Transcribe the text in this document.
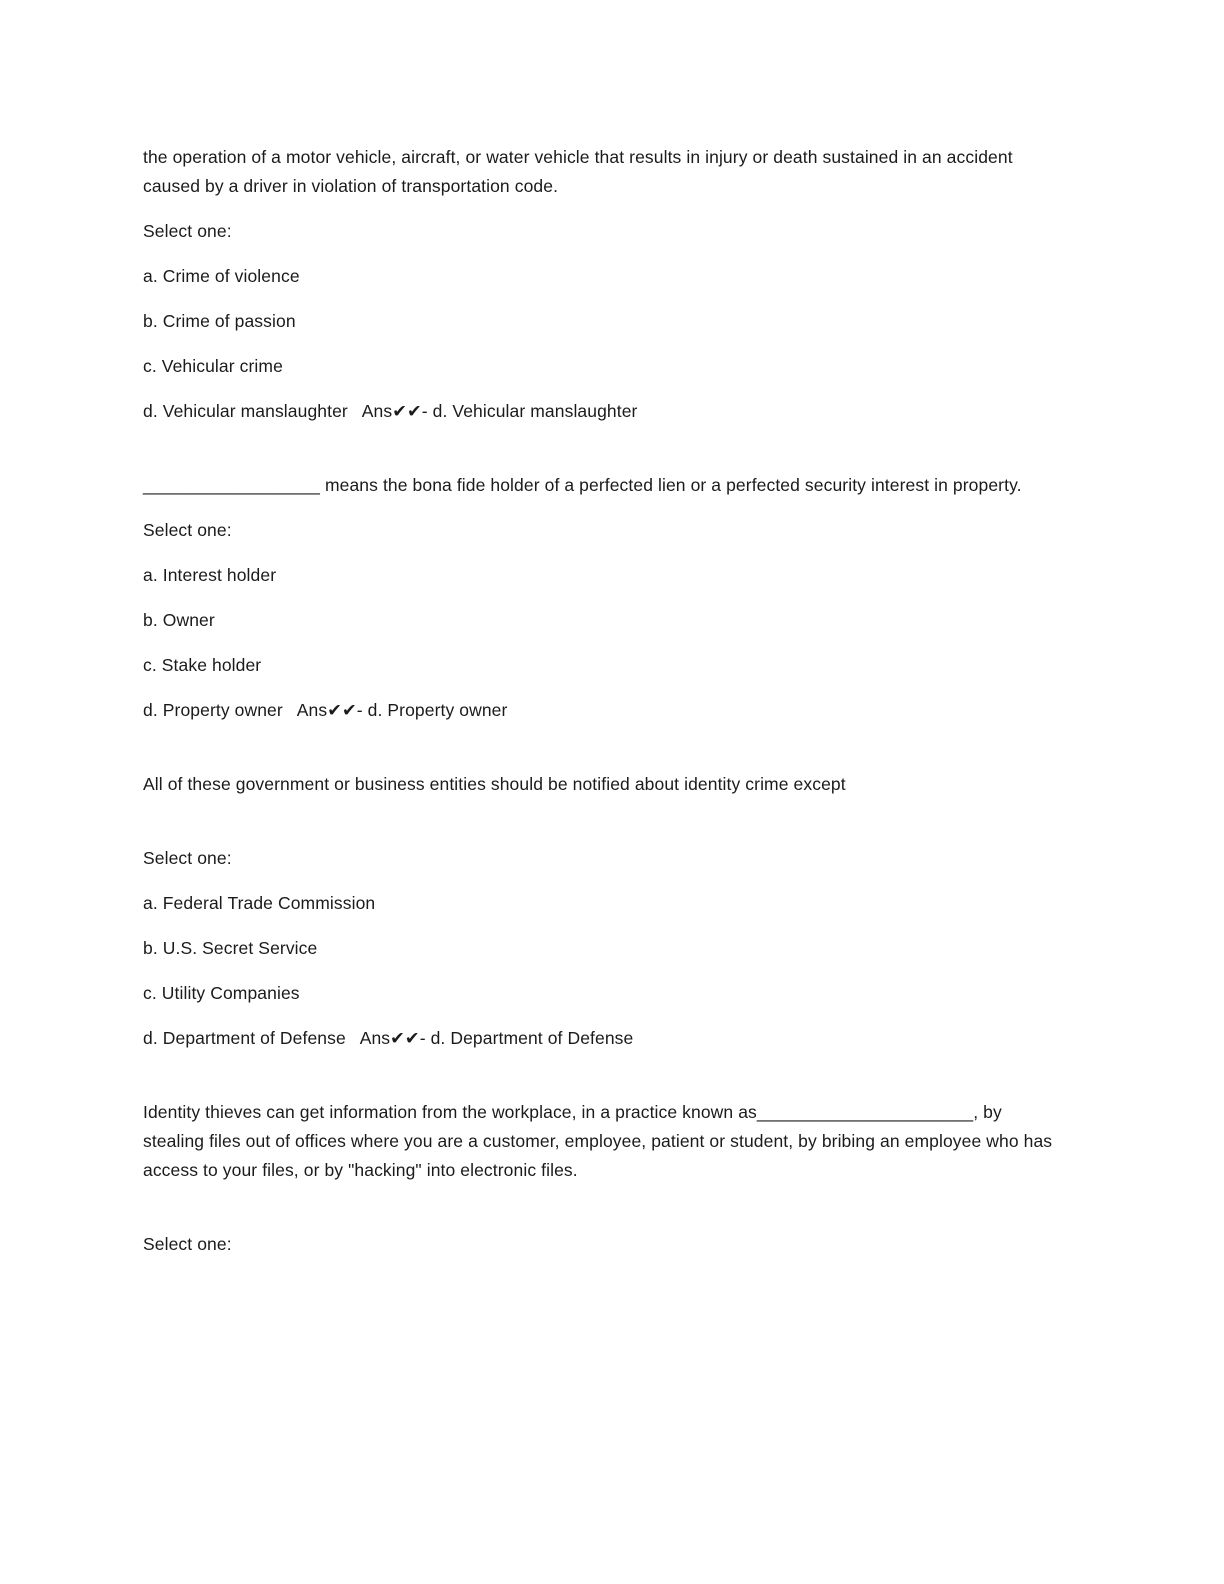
the operation of a motor vehicle, aircraft, or water vehicle that results in injury or death sustained in an accident caused by a driver in violation of transportation code.

Select one:

a. Crime of violence

b. Crime of passion

c. Vehicular crime

d. Vehicular manslaughter   Ans✔✔- d. Vehicular manslaughter

__________________ means the bona fide holder of a perfected lien or a perfected security interest in property.

Select one:

a. Interest holder

b. Owner

c. Stake holder

d. Property owner   Ans✔✔- d. Property owner

All of these government or business entities should be notified about identity crime except

Select one:

a. Federal Trade Commission

b. U.S. Secret Service

c. Utility Companies

d. Department of Defense   Ans✔✔- d. Department of Defense

Identity thieves can get information from the workplace, in a practice known as______________________, by stealing files out of offices where you are a customer, employee, patient or student, by bribing an employee who has access to your files, or by "hacking" into electronic files.

Select one:
